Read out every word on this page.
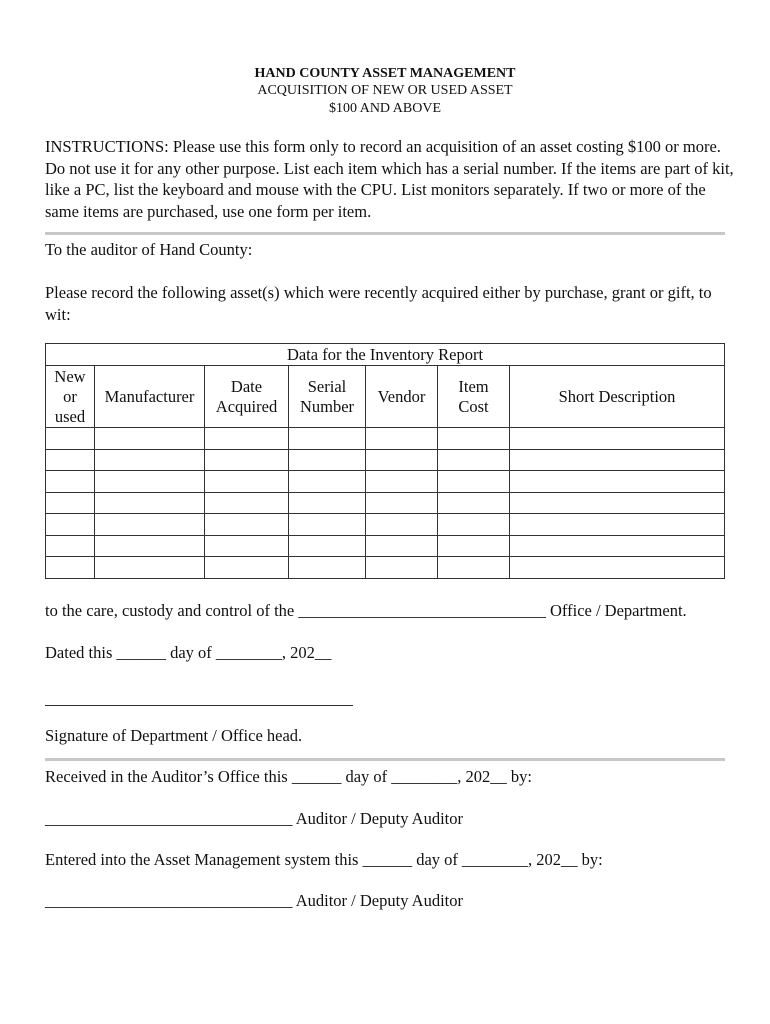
HAND COUNTY ASSET MANAGEMENT
ACQUISITION OF NEW OR USED ASSET
$100 AND ABOVE

INSTRUCTIONS: Please use this form only to record an acquisition of an asset costing $100 or more. Do not use it for any other purpose. List each item which has a serial number. If the items are part of kit, like a PC, list the keyboard and mouse with the CPU. List monitors separately. If two or more of the same items are purchased, use one form per item.

To the auditor of Hand County:

Please record the following asset(s) which were recently acquired either by purchase, grant or gift, to wit:

Data for the Inventory Report						
New or used	Manufacturer	Date Acquired	Serial Number	Vendor	Item Cost	Short Description

to the care, custody and control of the ______________________________ Office / Department.
Dated this ______ day of ________, 202__
Signature of Department / Office head.
Received in the Auditor’s Office this ______ day of ________, 202__ by:
______________________________ Auditor / Deputy Auditor
Entered into the Asset Management system this ______ day of ________, 202__ by:
______________________________ Auditor / Deputy Auditor
